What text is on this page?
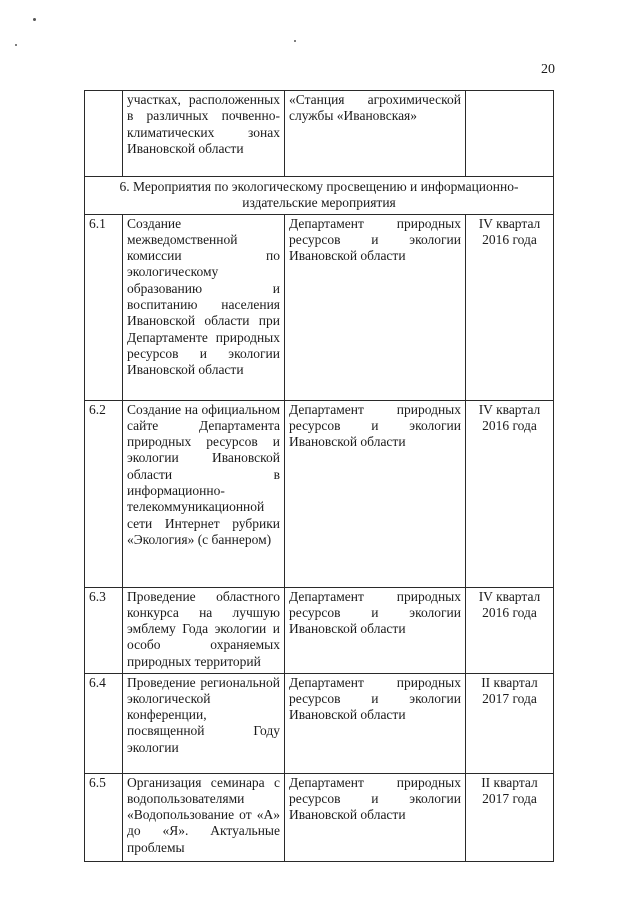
20
	участках, расположенных в различных почвенно-климатических зонах Ивановской области	«Станция агрохимической службы «Ивановская»	
6. Мероприятия по экологическому просвещению и информационно-издательские мероприятия			
6.1	Создание межведомственной комиссии по экологическому образованию и воспитанию населения Ивановской области при Департаменте природных ресурсов и экологии Ивановской области	Департамент природных ресурсов и экологии Ивановской области	IV квартал 2016 года
6.2	Создание на официальном сайте Департамента природных ресурсов и экологии Ивановской области в информационно-телекоммуникационной сети Интернет рубрики «Экология» (с баннером)	Департамент природных ресурсов и экологии Ивановской области	IV квартал 2016 года
6.3	Проведение областного конкурса на лучшую эмблему Года экологии и особо охраняемых природных территорий	Департамент природных ресурсов и экологии Ивановской области	IV квартал 2016 года
6.4	Проведение региональной экологической конференции, посвященной Году экологии	Департамент природных ресурсов и экологии Ивановской области	II квартал 2017 года
6.5	Организация семинара с водопользователями «Водопользование от «А» до «Я». Актуальные проблемы	Департамент природных ресурсов и экологии Ивановской области	II квартал 2017 года
